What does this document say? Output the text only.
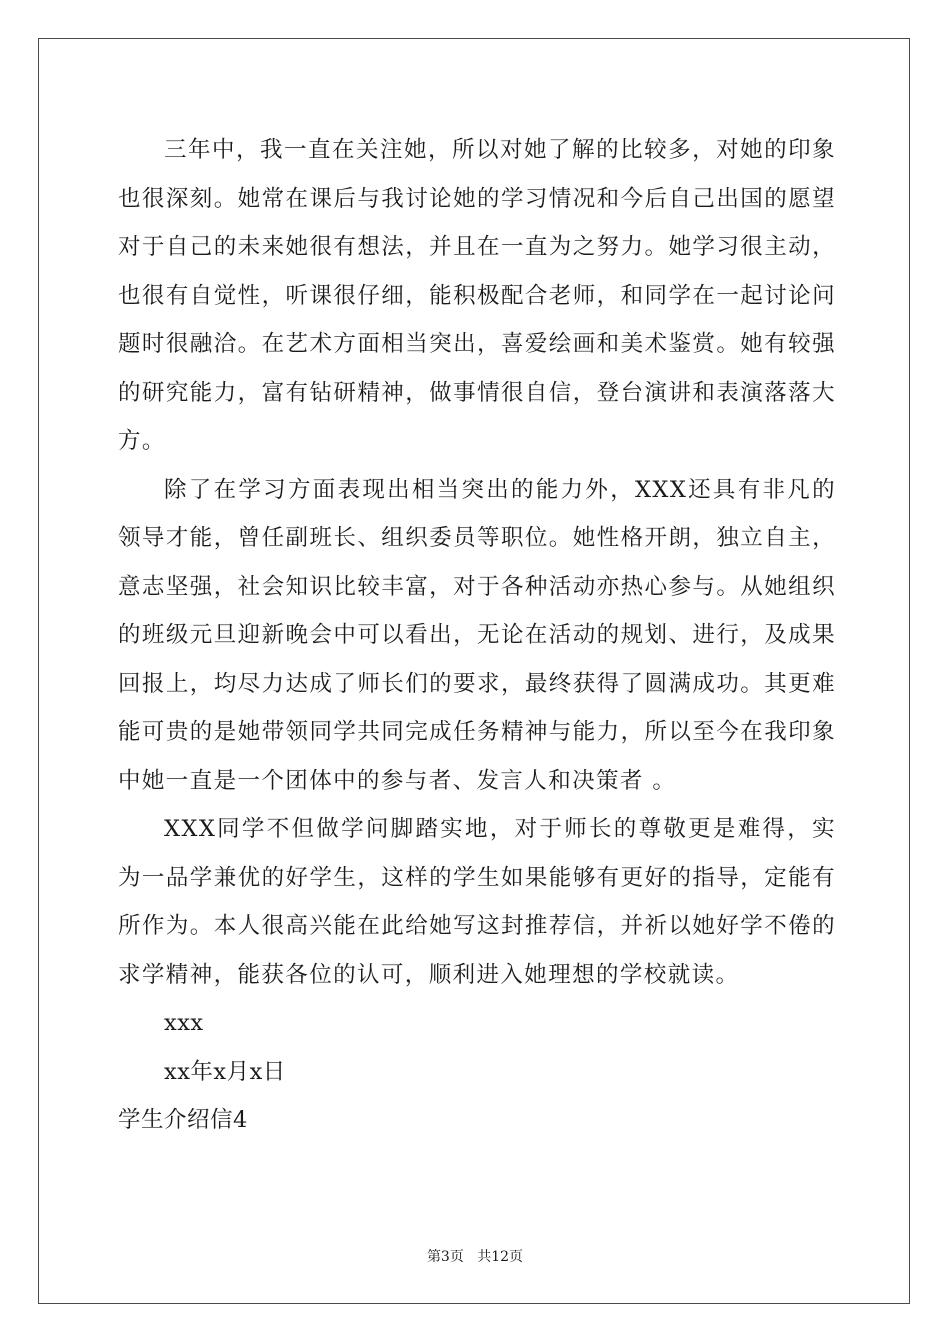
三年中，我一直在关注她，所以对她了解的比较多，对她的印象也很深刻。她常在课后与我讨论她的学习情况和今后自己出国的愿望对于自己的未来她很有想法，并且在一直为之努力。她学习很主动，也很有自觉性，听课很仔细，能积极配合老师，和同学在一起讨论问题时很融洽。在艺术方面相当突出，喜爱绘画和美术鉴赏。她有较强的研究能力，富有钻研精神，做事情很自信，登台演讲和表演落落大方。

除了在学习方面表现出相当突出的能力外，XXX还具有非凡的领导才能，曾任副班长、组织委员等职位。她性格开朗，独立自主，意志坚强，社会知识比较丰富，对于各种活动亦热心参与。从她组织的班级元旦迎新晚会中可以看出，无论在活动的规划、进行，及成果回报上，均尽力达成了师长们的要求，最终获得了圆满成功。其更难能可贵的是她带领同学共同完成任务精神与能力，所以至今在我印象中她一直是一个团体中的参与者、发言人和决策者 。

XXX同学不但做学问脚踏实地，对于师长的尊敬更是难得，实为一品学兼优的好学生，这样的学生如果能够有更好的指导，定能有所作为。本人很高兴能在此给她写这封推荐信，并祈以她好学不倦的求学精神，能获各位的认可，顺利进入她理想的学校就读。

xxx

xx年x月x日

学生介绍信4

第3页 共12页
